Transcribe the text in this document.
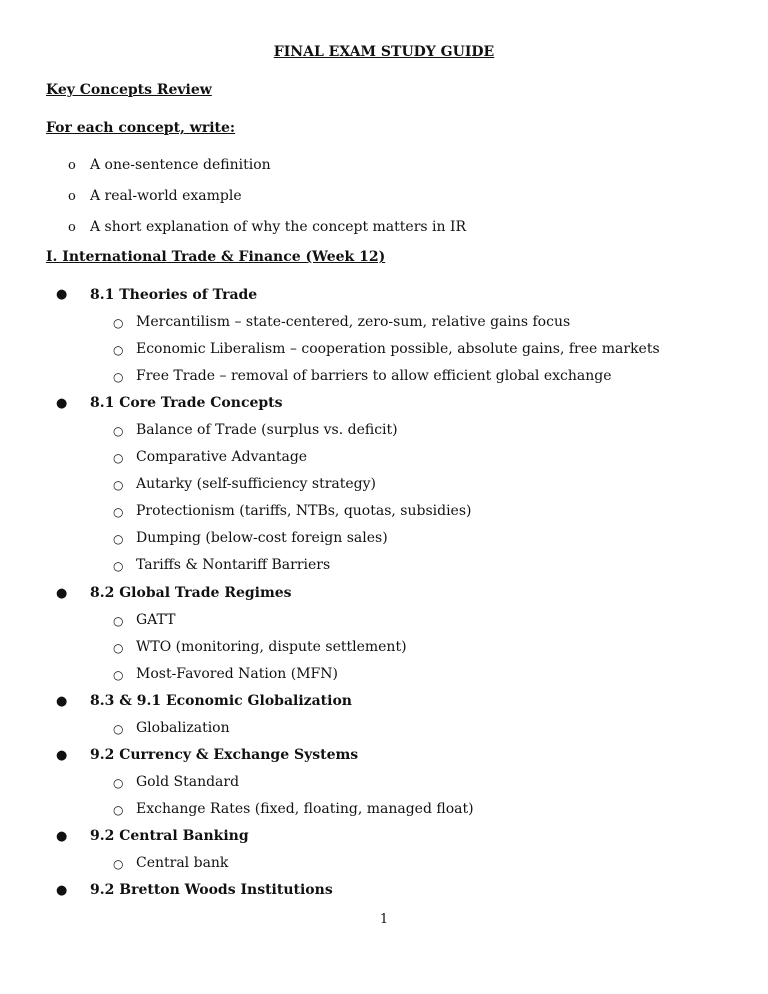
FINAL EXAM STUDY GUIDE
Key Concepts Review
For each concept, write:
o A one-sentence definition
o A real-world example
o A short explanation of why the concept matters in IR
I. International Trade & Finance (Week 12)
● 8.1 Theories of Trade
○ Mercantilism – state-centered, zero-sum, relative gains focus
○ Economic Liberalism – cooperation possible, absolute gains, free markets
○ Free Trade – removal of barriers to allow efficient global exchange
● 8.1 Core Trade Concepts
○ Balance of Trade (surplus vs. deficit)
○ Comparative Advantage
○ Autarky (self-sufficiency strategy)
○ Protectionism (tariffs, NTBs, quotas, subsidies)
○ Dumping (below-cost foreign sales)
○ Tariffs & Nontariff Barriers
● 8.2 Global Trade Regimes
○ GATT
○ WTO (monitoring, dispute settlement)
○ Most-Favored Nation (MFN)
● 8.3 & 9.1 Economic Globalization
○ Globalization
● 9.2 Currency & Exchange Systems
○ Gold Standard
○ Exchange Rates (fixed, floating, managed float)
● 9.2 Central Banking
○ Central bank
● 9.2 Bretton Woods Institutions
1
